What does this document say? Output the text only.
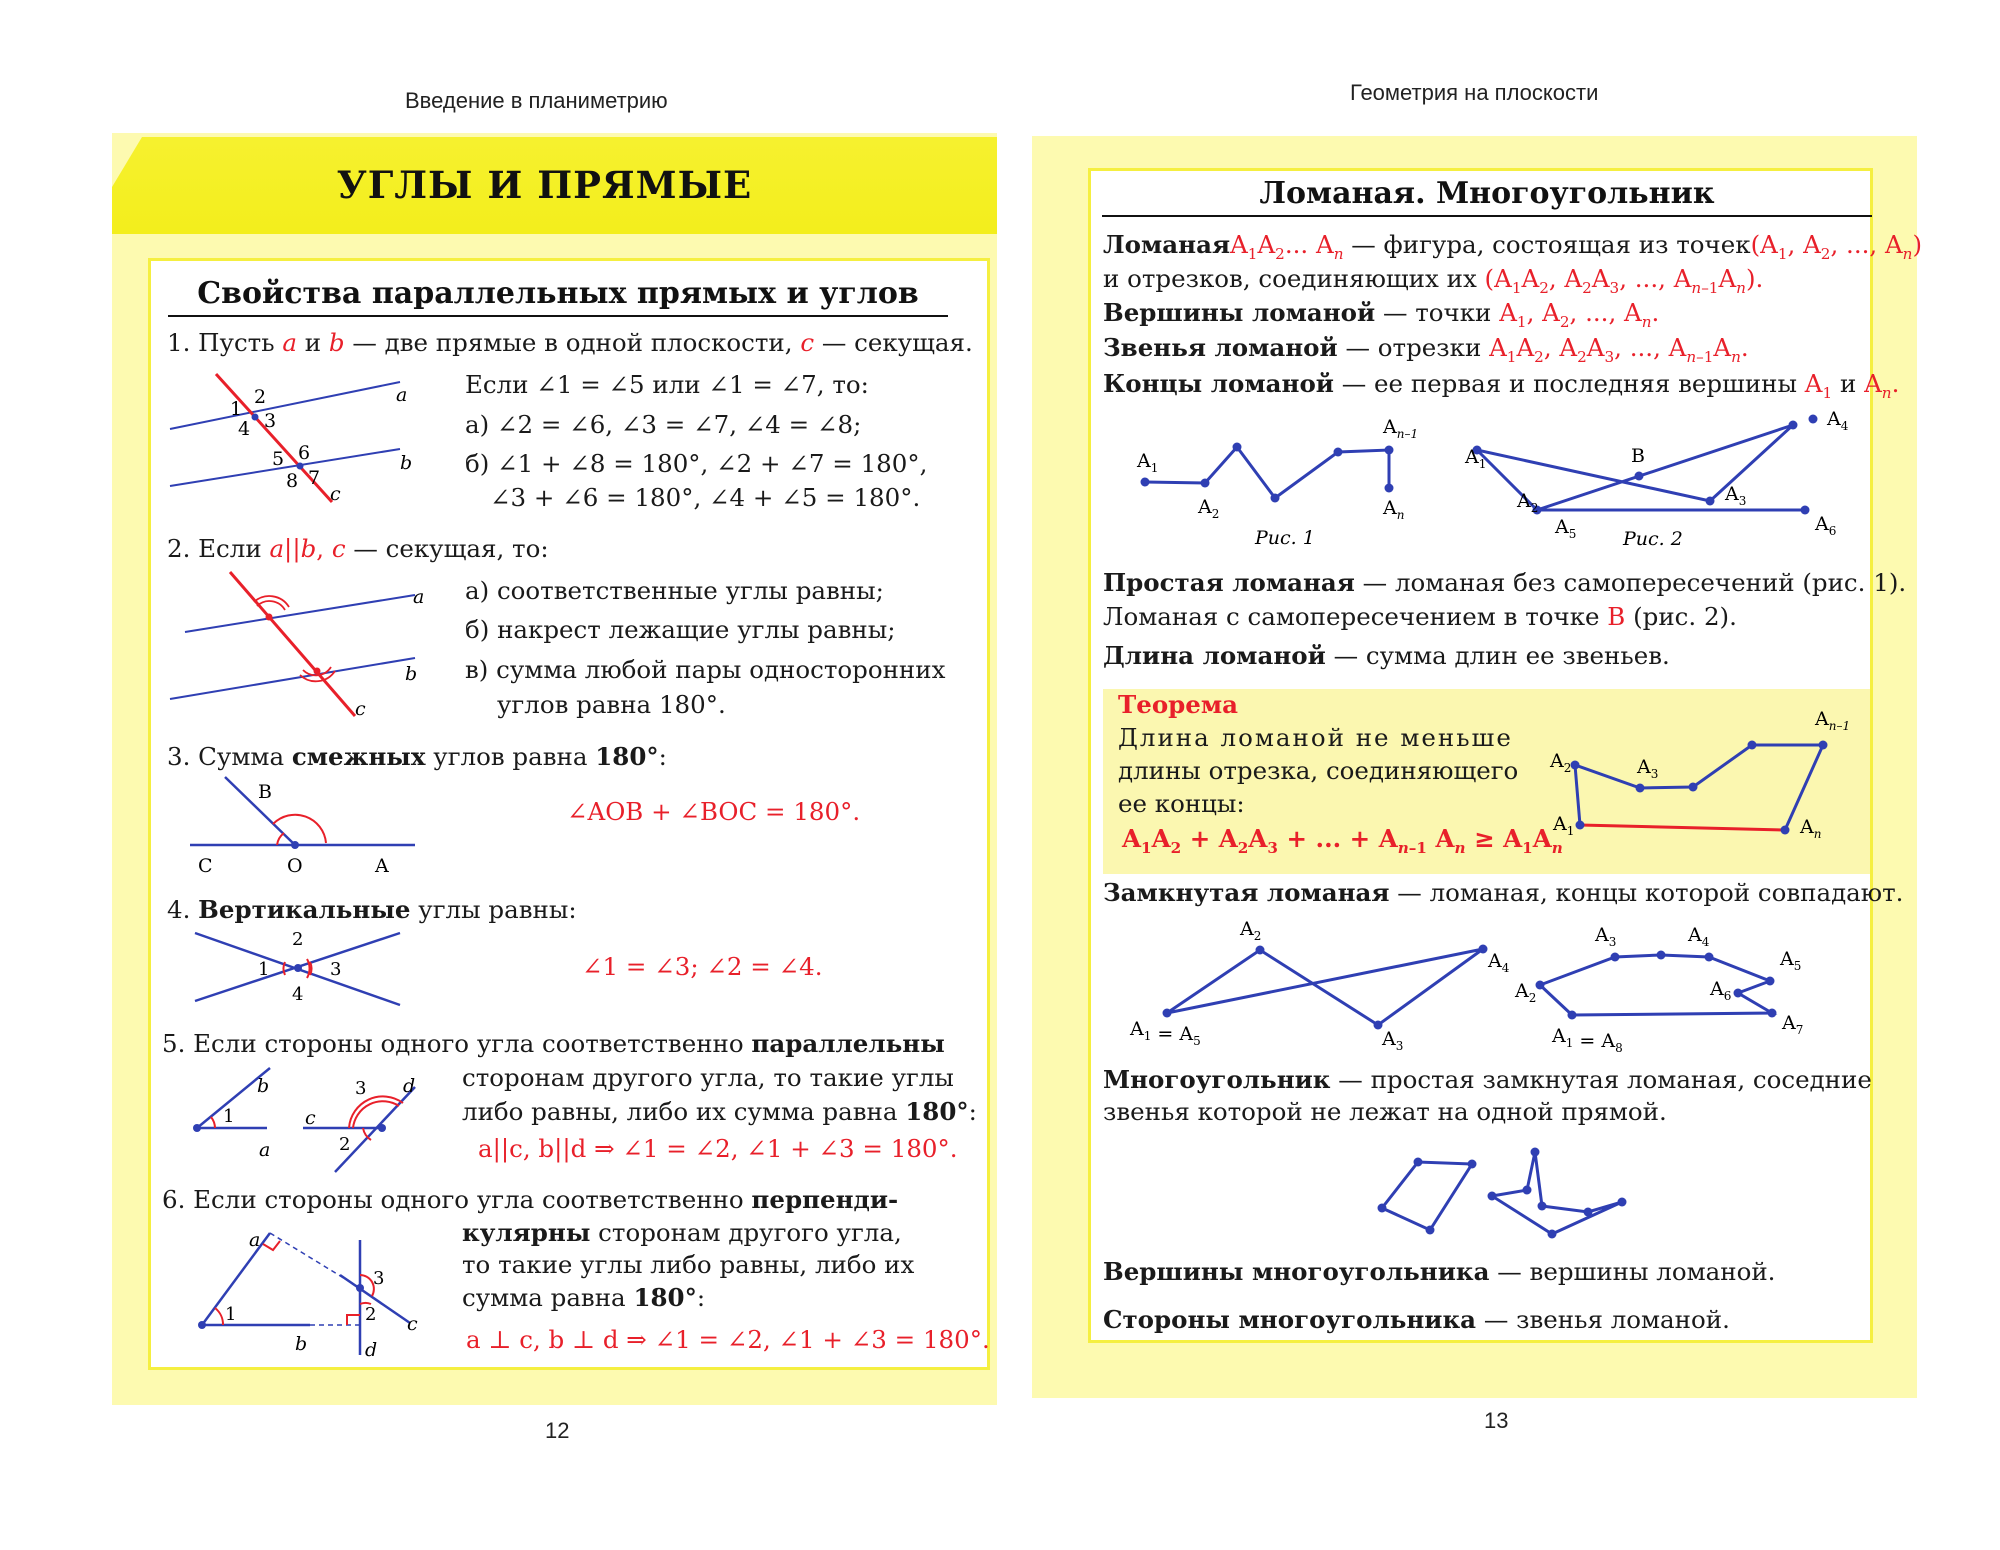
Введение в планиметрию
УГЛЫ И ПРЯМЫЕ
Свойства параллельных прямых и углов
1. Пусть a и b — две прямые в одной плоскости, c — секущая.
Если ∠1 = ∠5 или ∠1 = ∠7, то:
а) ∠2 = ∠6, ∠3 = ∠7, ∠4 = ∠8;
б) ∠1 + ∠8 = 180°, ∠2 + ∠7 = 180°,
∠3 + ∠6 = 180°, ∠4 + ∠5 = 180°.
1
2
3
4
5 6
7
8
a
b
c
2. Если a||b, c — секущая, то:
а) соответственные углы равны;
б) накрест лежащие углы равны;
в) сумма любой пары односторонних
углов равна 180°.
a
b
c
3. Сумма смежных углов равна 180°:
∠AOB + ∠BOC = 180°.
B
C	O	A
4. Вертикальные углы равны:
∠1 = ∠3; ∠2 = ∠4.
2
1	3
4
5. Если стороны одного угла соответственно параллельны
сторонам другого угла, то такие углы
либо равны, либо их сумма равна 180°:
a||c, b||d ⇒ ∠1 = ∠2, ∠1 + ∠3 = 180°.
b
1
a
c
3 d
2
6. Если стороны одного угла соответственно перпенди-
кулярны сторонам другого угла,
то такие углы либо равны, либо их
сумма равна 180°:
a ⊥ c, b ⊥ d ⇒ ∠1 = ∠2, ∠1 + ∠3 = 180°.
a
1
b
3
2 c
d
12
Геометрия на плоскости
Ломаная. Многоугольник
$ЛоманаяA_1A_2$... $A_n$ — фигура, состоящая из $точек(A_1$, $A_2$, ..., $A_n$)
и отрезков, соединяющих их ($A_1A_2$, $A_2A_3$, ..., $A_{n-1}A_n$).
Вершины ломаной — точки $A_1$, $A_2$, ..., $A_n$.
Звенья ломаной — отрезки $A_1A_2$, $A_2A_3$, ..., $A_{n-1}A_n$.
Концы ломаной — ее первая и последняя вершины $A_1$ и $A_n$.
$A_1$
$A_2$
$A_{n-1}$
$A_n$
Рис. 1
$A_1$
$A_2$
$A_5$
$A_3$
$A_4$
$A_6$
B
Рис. 2
Простая ломаная — ломаная без самопересечений (рис. 1).
Ломаная с самопересечением в точке B (рис. 2).
Длина ломаной — сумма длин ее звеньев.
Теорема
Длина ломаной не меньше
длины отрезка, соединяющего
ее концы:
$A_1A_2 + A_2A_3$ + ... + $A_{n-1}$ $A_n \ge A_1A_n$
$A_2$
$A_1$
$A_3$
$A_{n-1}$
$A_n$
Замкнутая ломаная — ломаная, концы которой совпадают.
$A_2$
$A_4$
$A_3$
$A_1 = A_5$
$A_2$
$A_3$	$A_4$
$A_5$
$A_6$
$A_7$
$A_1 = A_8$
Многоугольник — простая замкнутая ломаная, соседние
звенья которой не лежат на одной прямой.
Вершины многоугольника — вершины ломаной.
Стороны многоугольника — звенья ломаной.
13
